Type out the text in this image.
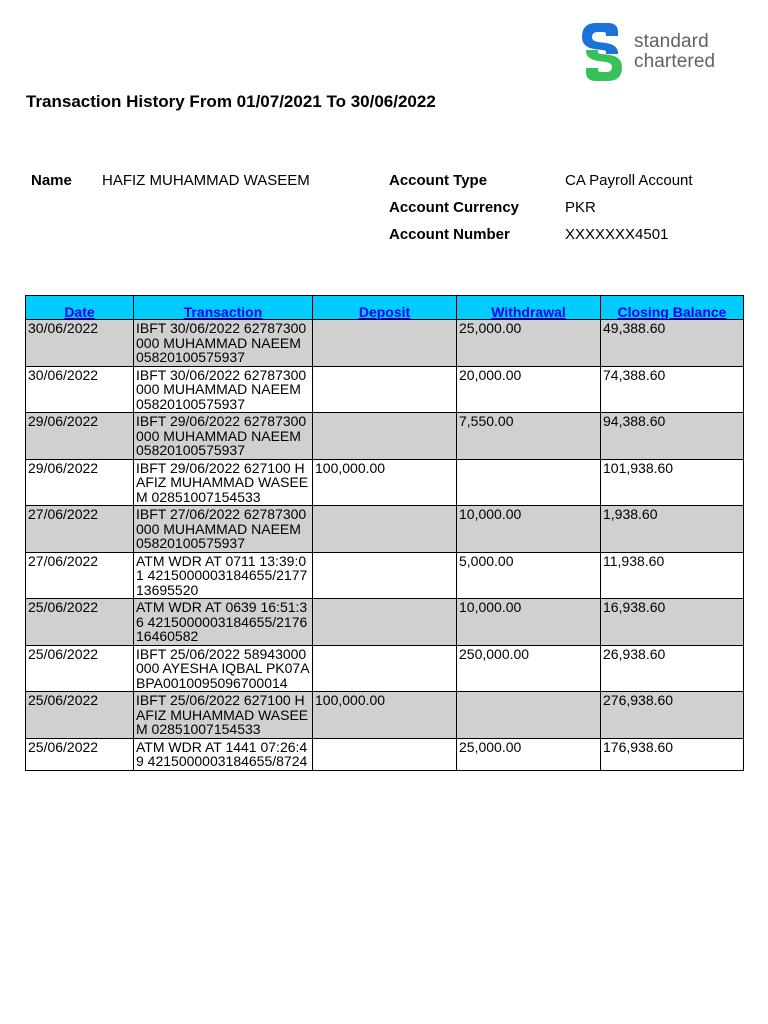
standard
chartered
Transaction History From 01/07/2021 To 30/06/2022
Name HAFIZ MUHAMMAD WASEEM	Account Type	CA Payroll Account
Account Currency	PKR
Account Number	XXXXXXX4501
Date	Transaction	Deposit	Withdrawal	Closing Balance
30/06/2022	IBFT 30/06/2022 62787300000 MUHAMMAD NAEEM 05820100575937		25,000.00	49,388.60
30/06/2022	IBFT 30/06/2022 62787300000 MUHAMMAD NAEEM 05820100575937		20,000.00	74,388.60
29/06/2022	IBFT 29/06/2022 62787300000 MUHAMMAD NAEEM 05820100575937		7,550.00	94,388.60
29/06/2022	IBFT 29/06/2022 627100 HAFIZ MUHAMMAD WASEEM 02851007154533	100,000.00		101,938.60
27/06/2022	IBFT 27/06/2022 62787300000 MUHAMMAD NAEEM 05820100575937		10,000.00	1,938.60
27/06/2022	ATM WDR AT 0711 13:39:01 4215000003184655/217713695520		5,000.00	11,938.60
25/06/2022	ATM WDR AT 0639 16:51:36 4215000003184655/217616460582		10,000.00	16,938.60
25/06/2022	IBFT 25/06/2022 58943000000 AYESHA IQBAL PK07ABPA0010095096700014		250,000.00	26,938.60
25/06/2022	IBFT 25/06/2022 627100 HAFIZ MUHAMMAD WASEEM 02851007154533	100,000.00		276,938.60
25/06/2022	ATM WDR AT 1441 07:26:49 4215000003184655/8724		25,000.00	176,938.60
